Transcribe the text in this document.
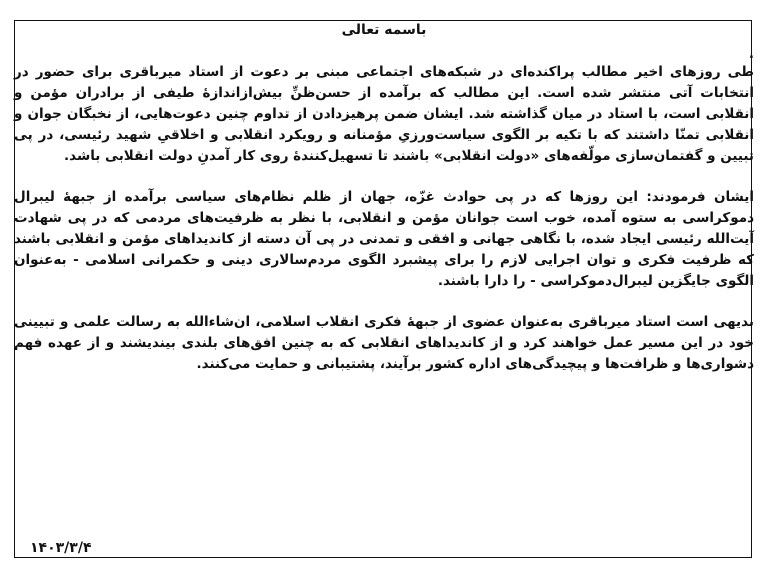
باسمه تعالی
.

طی روزهای اخیر مطالب پراکنده‌ای در شبکه‌های اجتماعی مبنی بر دعوت از استاد میرباقری برای حضور در انتخابات آتی منتشر شده است. این مطالب که برآمده از حسن‌ظنِّ بیش‌ازاندازهٔ طیفی از برادران مؤمن و انقلابی است، با استاد در میان گذاشته شد. ایشان ضمن پرهیزدادن از تداوم چنین دعوت‌هایی، از نخبگان جوان و انقلابی تمنّا داشتند که با تکیه بر الگوی سیاست‌ورزیِ مؤمنانه و رویکرد انقلابی و اخلاقیِ شهید رئیسی، در پی تبیین و گفتمان‌سازی مولّفه‌های «دولت انقلابی» باشند تا تسهیل‌کنندهٔ روی کار آمدنِ دولت انقلابی باشد.

ایشان فرمودند: این روزها که در پی حوادث غزّه، جهان از ظلم نظام‌های سیاسی برآمده از جبههٔ لیبرال دموکراسی به ستوه آمده، خوب است جوانان مؤمن و انقلابی، با نظر به ظرفیت‌های مردمی که در پی شهادت آیت‌الله رئیسی ایجاد شده، با نگاهی جهانی و افقی و تمدنی در پی آن دسته از کاندیداهای مؤمن و انقلابی باشند که ظرفیت فکری و توان اجرایی لازم را برای پیشبرد الگوی مردم‌سالاری دینی و حکمرانی اسلامی - به‌عنوان الگوی جایگزین لیبرال‌دموکراسی - را دارا باشند.

بدیهی است استاد میرباقری به‌عنوان عضوی از جبههٔ فکری انقلاب اسلامی، ان‌شاءالله به رسالت علمی و تبیینی خود در این مسیر عمل خواهند کرد و از کاندیداهای انقلابی که به چنین افق‌های بلندی بیندیشند و از عهده فهم دشواری‌ها و ظرافت‌ها و پیچیدگی‌های اداره کشور برآیند، پشتیبانی و حمایت می‌کنند.

۱۴۰۳/۳/۴
